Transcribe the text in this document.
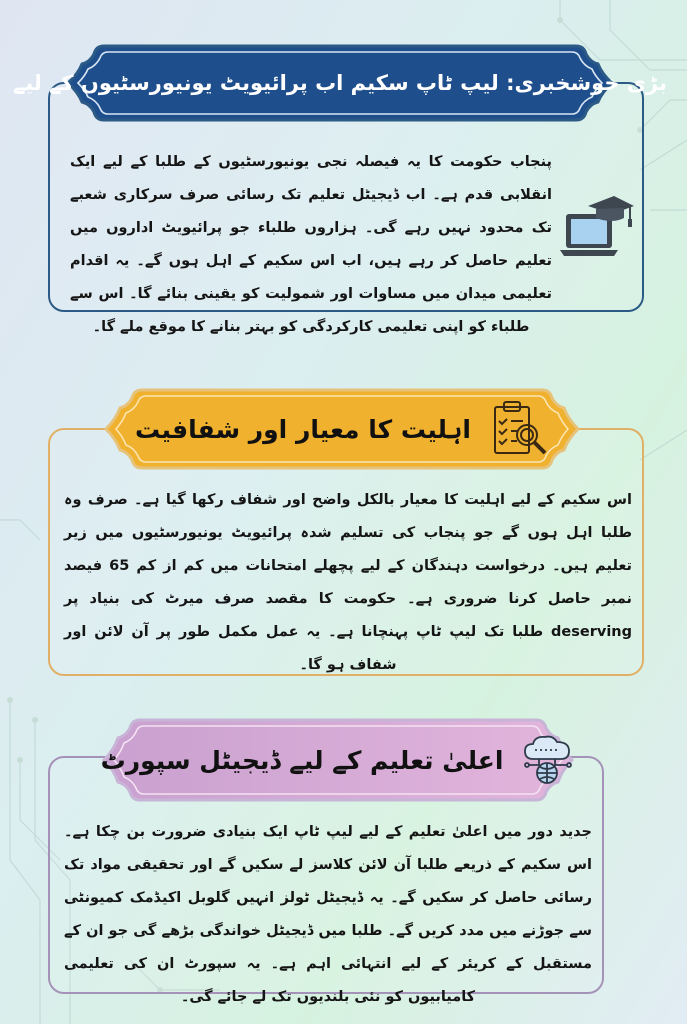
بڑی خوشخبری: لیپ ٹاپ سکیم اب پرائیویٹ یونیورسٹیوں کے لیے
پنجاب حکومت کا یہ فیصلہ نجی یونیورسٹیوں کے طلبا کے لیے ایک انقلابی قدم ہے۔ اب ڈیجیٹل تعلیم تک رسائی صرف سرکاری شعبے تک محدود نہیں رہے گی۔ ہزاروں طلباء جو پرائیویٹ اداروں میں تعلیم حاصل کر رہے ہیں، اب اس سکیم کے اہل ہوں گے۔ یہ اقدام تعلیمی میدان میں مساوات اور شمولیت کو یقینی بنائے گا۔ اس سے طلباء کو اپنی تعلیمی کارکردگی کو بہتر بنانے کا موقع ملے گا۔
اہلیت کا معیار اور شفافیت
اس سکیم کے لیے اہلیت کا معیار بالکل واضح اور شفاف رکھا گیا ہے۔ صرف وہ طلبا اہل ہوں گے جو پنجاب کی تسلیم شدہ پرائیویٹ یونیورسٹیوں میں زیر تعلیم ہیں۔ درخواست دہندگان کے لیے پچھلے امتحانات میں کم از کم 65 فیصد نمبر حاصل کرنا ضروری ہے۔ حکومت کا مقصد صرف میرٹ کی بنیاد پر deserving طلبا تک لیپ ٹاپ پہنچانا ہے۔ یہ عمل مکمل طور پر آن لائن اور شفاف ہو گا۔
اعلیٰ تعلیم کے لیے ڈیجیٹل سپورٹ
جدید دور میں اعلیٰ تعلیم کے لیے لیپ ٹاپ ایک بنیادی ضرورت بن چکا ہے۔ اس سکیم کے ذریعے طلبا آن لائن کلاسز لے سکیں گے اور تحقیقی مواد تک رسائی حاصل کر سکیں گے۔ یہ ڈیجیٹل ٹولز انہیں گلوبل اکیڈمک کمیونٹی سے جوڑنے میں مدد کریں گے۔ طلبا میں ڈیجیٹل خواندگی بڑھے گی جو ان کے مستقبل کے کریئر کے لیے انتہائی اہم ہے۔ یہ سپورٹ ان کی تعلیمی کامیابیوں کو نئی بلندیوں تک لے جائے گی۔
